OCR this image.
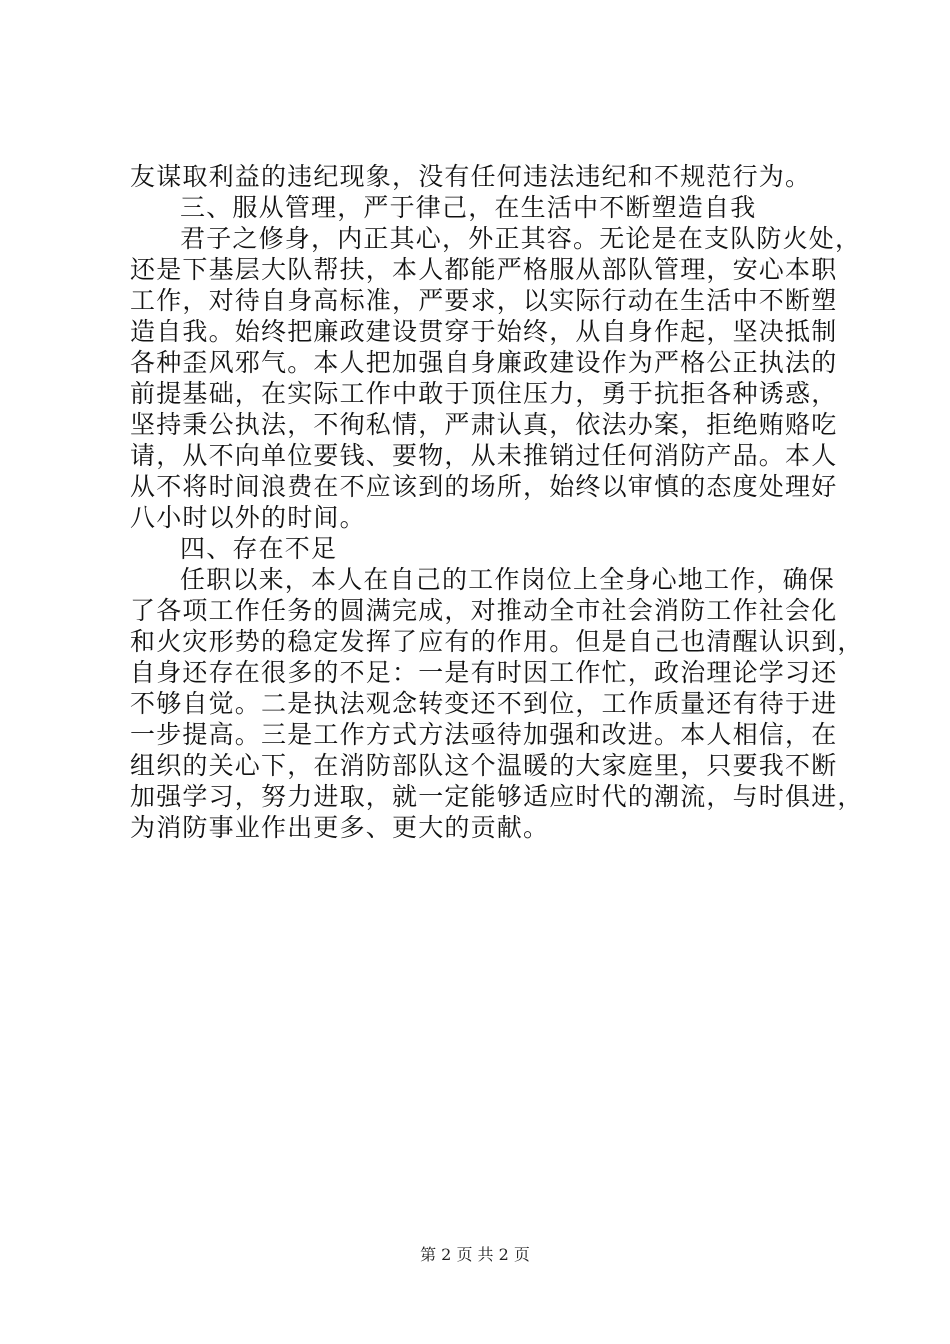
友谋取利益的违纪现象，没有任何违法违纪和不规范行为。
三、服从管理，严于律己，在生活中不断塑造自我
君子之修身，内正其心，外正其容。无论是在支队防火处，
还是下基层大队帮扶，本人都能严格服从部队管理，安心本职
工作，对待自身高标准，严要求，以实际行动在生活中不断塑
造自我。始终把廉政建设贯穿于始终，从自身作起，坚决抵制
各种歪风邪气。本人把加强自身廉政建设作为严格公正执法的
前提基础，在实际工作中敢于顶住压力，勇于抗拒各种诱惑，
坚持秉公执法，不徇私情，严肃认真，依法办案，拒绝贿赂吃
请，从不向单位要钱、要物，从未推销过任何消防产品。本人
从不将时间浪费在不应该到的场所，始终以审慎的态度处理好
八小时以外的时间。
四、存在不足
任职以来，本人在自己的工作岗位上全身心地工作，确保
了各项工作任务的圆满完成，对推动全市社会消防工作社会化
和火灾形势的稳定发挥了应有的作用。但是自己也清醒认识到，
自身还存在很多的不足：一是有时因工作忙，政治理论学习还
不够自觉。二是执法观念转变还不到位，工作质量还有待于进
一步提高。三是工作方式方法亟待加强和改进。本人相信，在
组织的关心下，在消防部队这个温暖的大家庭里，只要我不断
加强学习，努力进取，就一定能够适应时代的潮流，与时俱进，
为消防事业作出更多、更大的贡献。
第 2 页 共 2 页
